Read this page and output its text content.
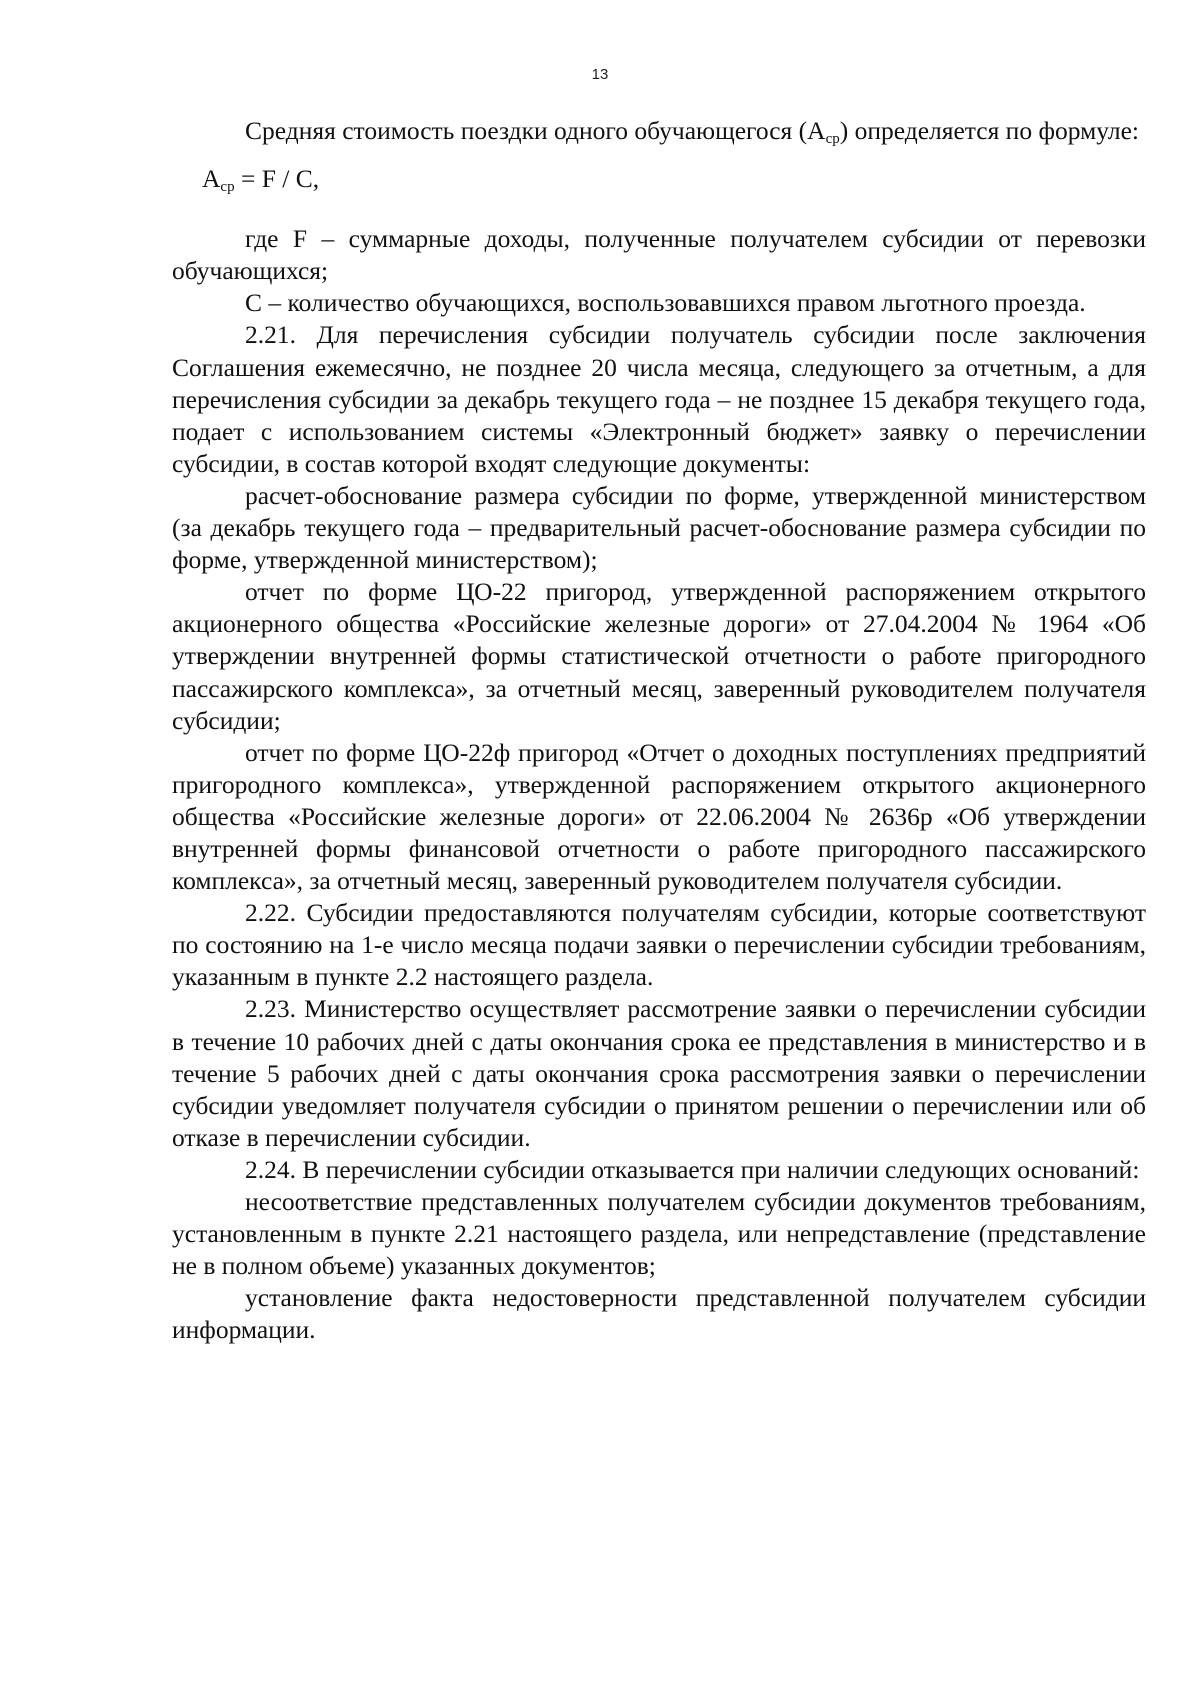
13

Средняя стоимость поездки одного обучающегося $(A_{ср})$ определяется по формуле:

$A_{ср} = F / C$,

где F – суммарные доходы, полученные получателем субсидии от перевозки обучающихся;

C – количество обучающихся, воспользовавшихся правом льготного проезда.

2.21. Для перечисления субсидии получатель субсидии после заключения Соглашения ежемесячно, не позднее 20 числа месяца, следующего за отчетным, а для перечисления субсидии за декабрь текущего года – не позднее 15 декабря текущего года, подает с использованием системы «Электронный бюджет» заявку о перечислении субсидии, в состав которой входят следующие документы:

расчет-обоснование размера субсидии по форме, утвержденной министерством (за декабрь текущего года – предварительный расчет-обоснование размера субсидии по форме, утвержденной министерством);

отчет по форме ЦО-22 пригород, утвержденной распоряжением открытого акционерного общества «Российские железные дороги» от 27.04.2004 № 1964 «Об утверждении внутренней формы статистической отчетности о работе пригородного пассажирского комплекса», за отчетный месяц, заверенный руководителем получателя субсидии;

отчет по форме ЦО-22ф пригород «Отчет о доходных поступлениях предприятий пригородного комплекса», утвержденной распоряжением открытого акционерного общества «Российские железные дороги» от 22.06.2004 № 2636р «Об утверждении внутренней формы финансовой отчетности о работе пригородного пассажирского комплекса», за отчетный месяц, заверенный руководителем получателя субсидии.

2.22. Субсидии предоставляются получателям субсидии, которые соответствуют по состоянию на 1-е число месяца подачи заявки о перечислении субсидии требованиям, указанным в пункте 2.2 настоящего раздела.

2.23. Министерство осуществляет рассмотрение заявки о перечислении субсидии в течение 10 рабочих дней с даты окончания срока ее представления в министерство и в течение 5 рабочих дней с даты окончания срока рассмотрения заявки о перечислении субсидии уведомляет получателя субсидии о принятом решении о перечислении или об отказе в перечислении субсидии.

2.24. В перечислении субсидии отказывается при наличии следующих оснований:

несоответствие представленных получателем субсидии документов требованиям, установленным в пункте 2.21 настоящего раздела, или непредставление (представление не в полном объеме) указанных документов;

установление факта недостоверности представленной получателем субсидии информации.
